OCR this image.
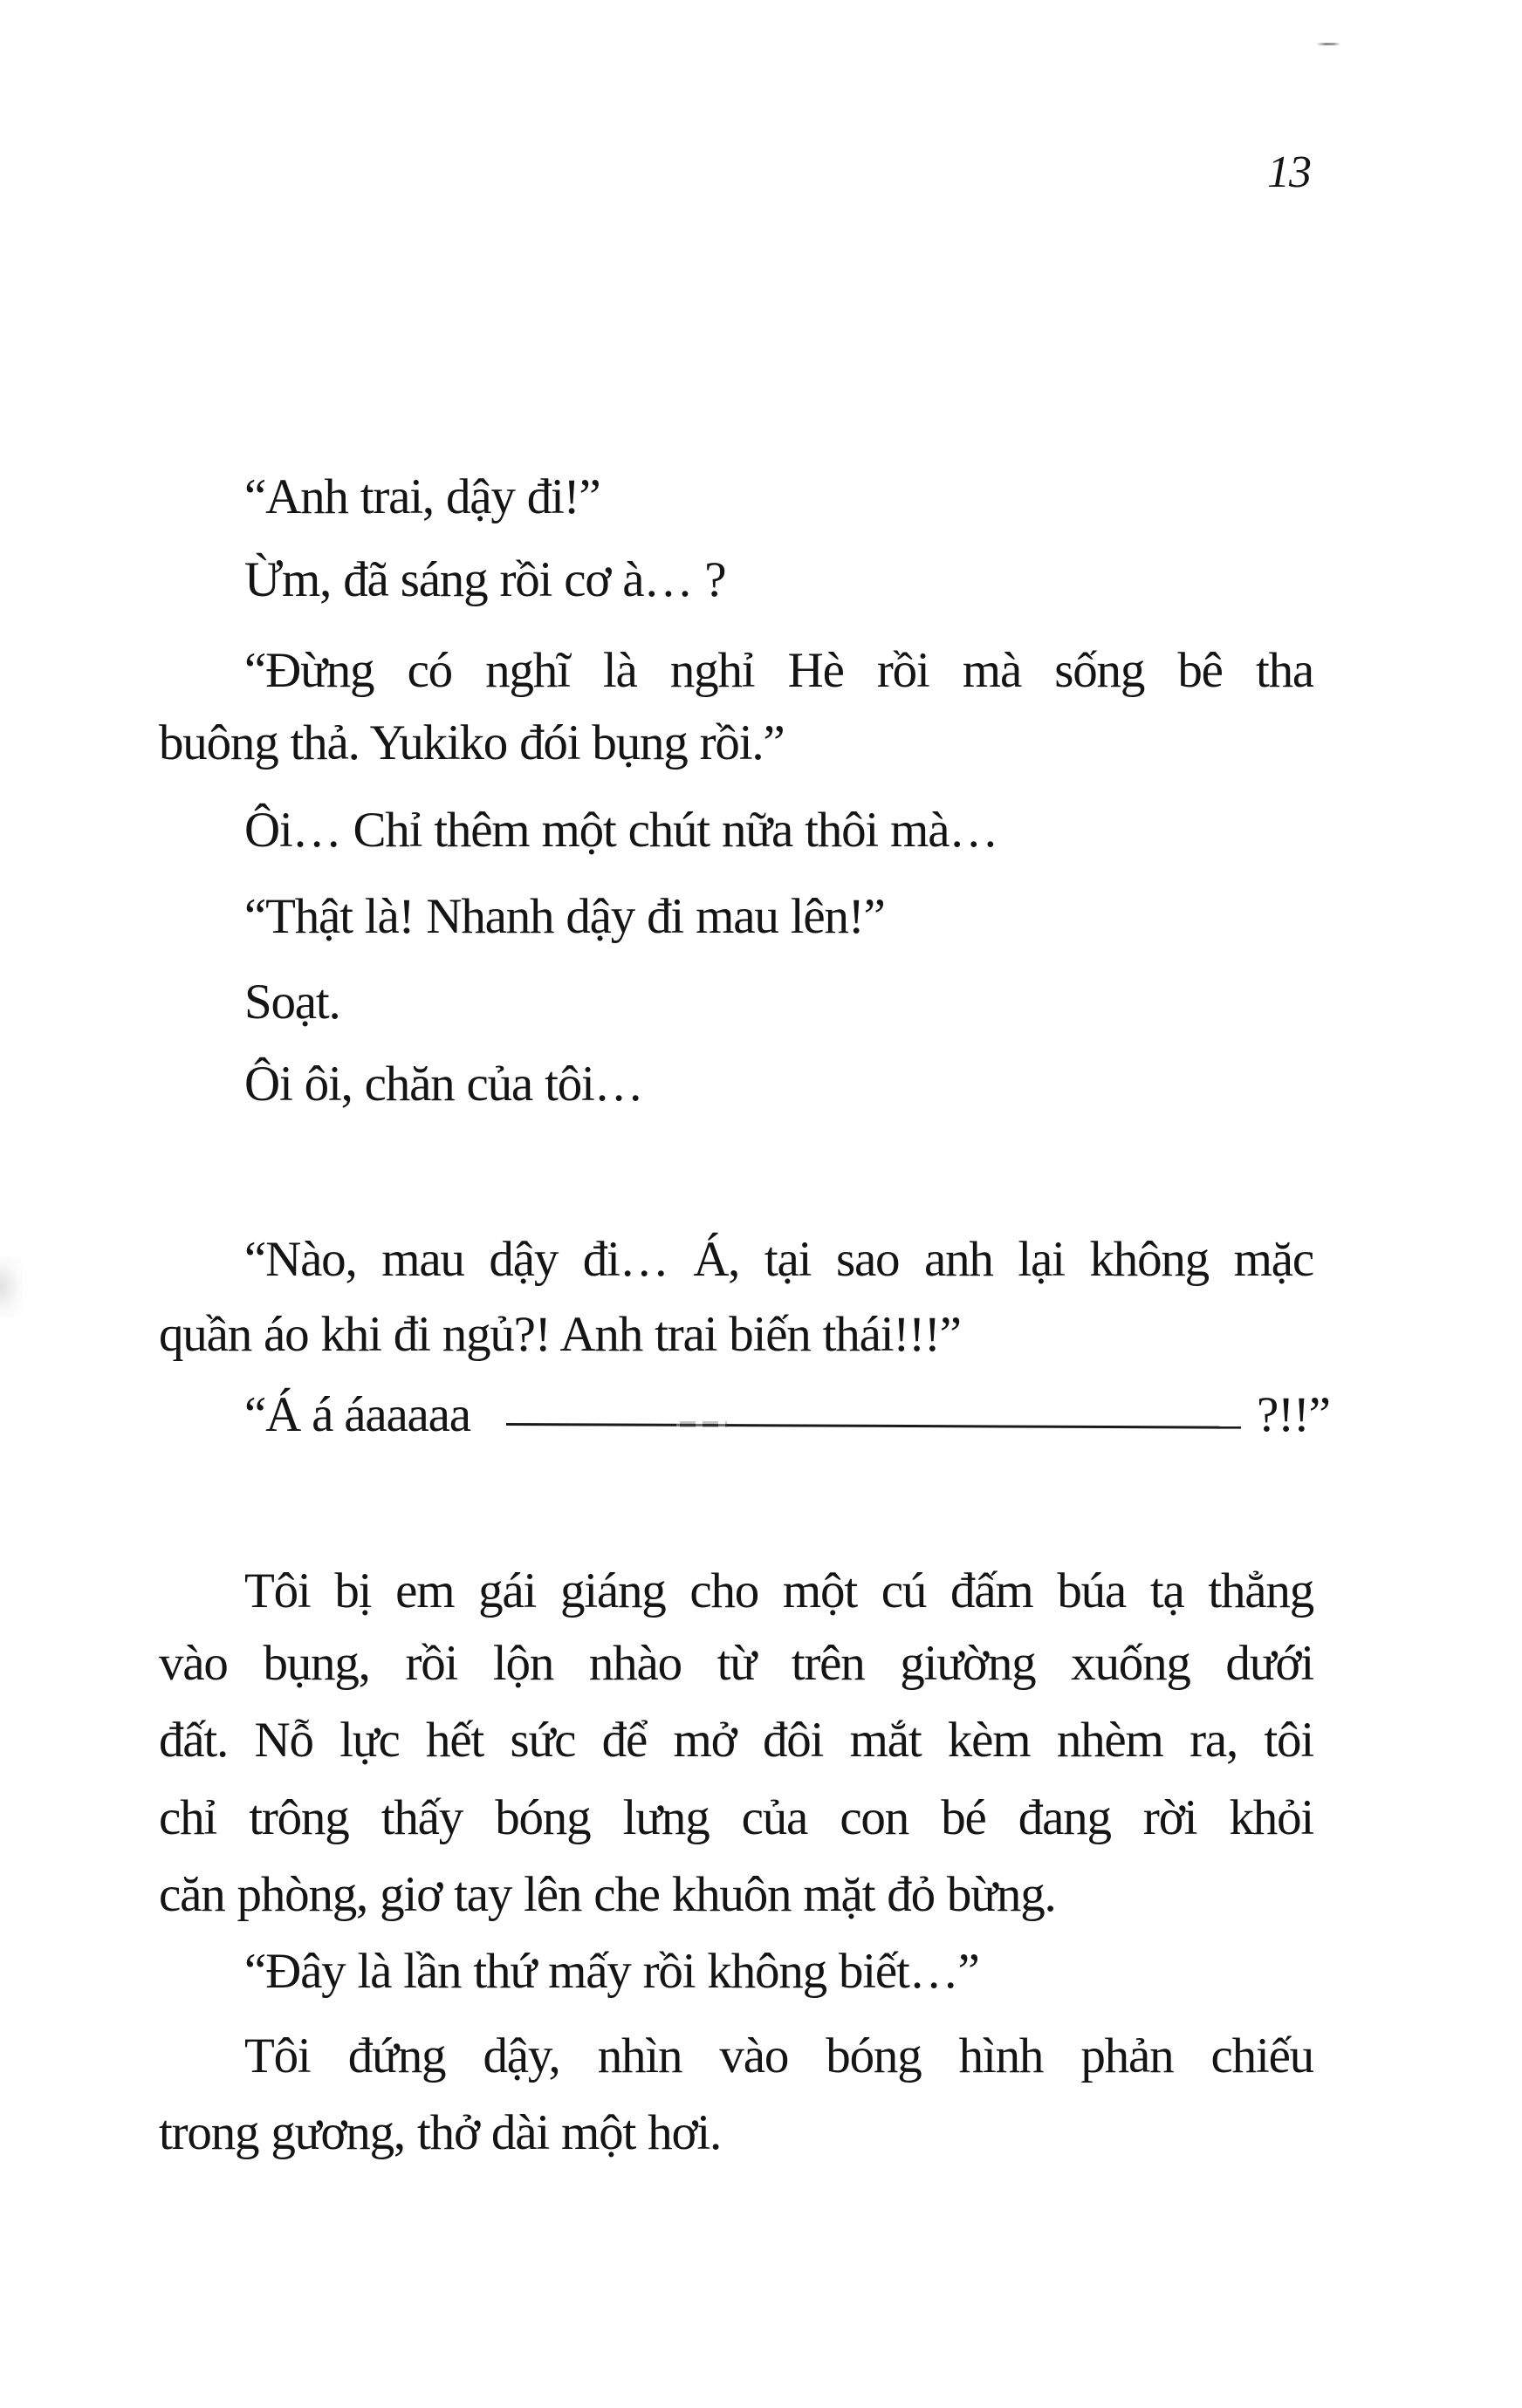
13
“Anh trai, dậy đi!”
Ừm, đã sáng rồi cơ à… ?
“Đừng có nghĩ là nghỉ Hè rồi mà sống bê tha
buông thả. Yukiko đói bụng rồi.”
Ôi… Chỉ thêm một chút nữa thôi mà…
“Thật là! Nhanh dậy đi mau lên!”
Soạt.
Ôi ôi, chăn của tôi…
“Nào, mau dậy đi… Á, tại sao anh lại không mặc
quần áo khi đi ngủ?! Anh trai biến thái!!!”
“Á á áaaaaa	?!!”
Tôi bị em gái giáng cho một cú đấm búa tạ thẳng
vào bụng, rồi lộn nhào từ trên giường xuống dưới
đất. Nỗ lực hết sức để mở đôi mắt kèm nhèm ra, tôi
chỉ trông thấy bóng lưng của con bé đang rời khỏi
căn phòng, giơ tay lên che khuôn mặt đỏ bừng.
“Đây là lần thứ mấy rồi không biết…”
Tôi đứng dậy, nhìn vào bóng hình phản chiếu
trong gương, thở dài một hơi.
